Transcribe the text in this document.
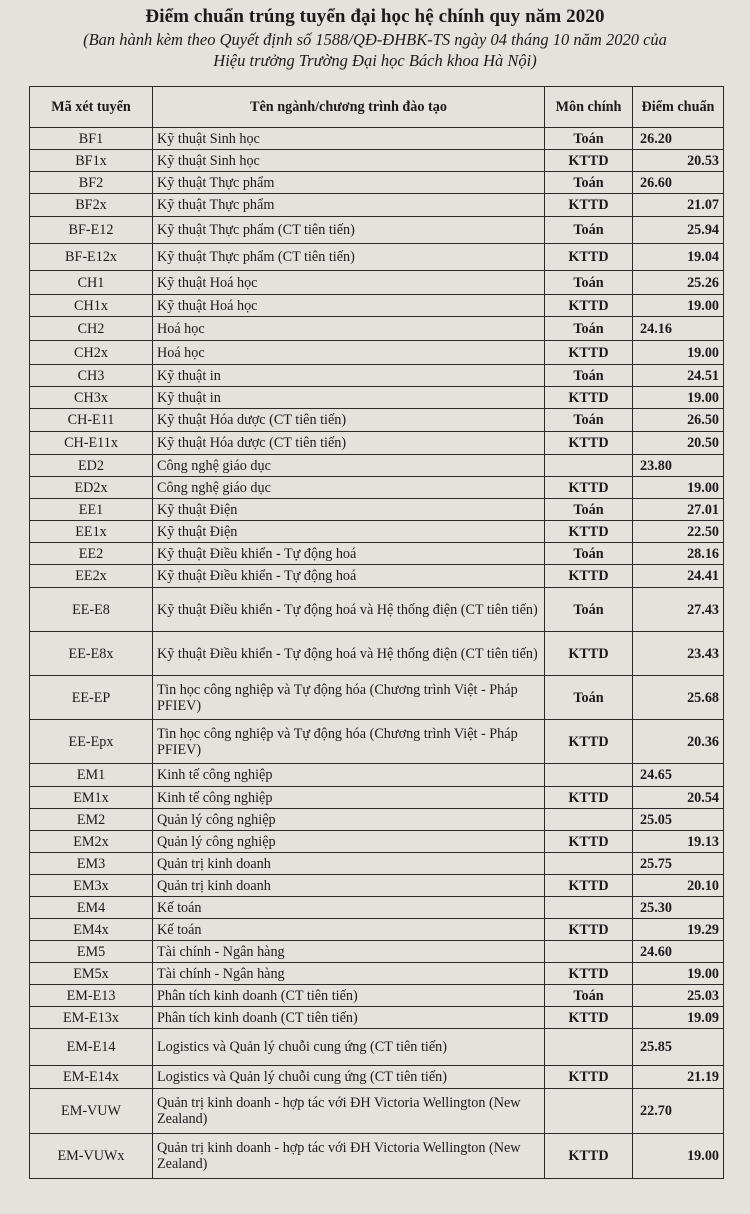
Điểm chuẩn trúng tuyển đại học hệ chính quy năm 2020
(Ban hành kèm theo Quyết định số 1588/QĐ-ĐHBK-TS ngày 04 tháng 10 năm 2020 của
Hiệu trưởng Trường Đại học Bách khoa Hà Nội)
Mã xét tuyển	Tên ngành/chương trình đào tạo	Môn chính	Điểm chuẩn
BF1	Kỹ thuật Sinh học	Toán	26.20
BF1x	Kỹ thuật Sinh học	KTTD	20.53
BF2	Kỹ thuật Thực phẩm	Toán	26.60
BF2x	Kỹ thuật Thực phẩm	KTTD	21.07
BF-E12	Kỹ thuật Thực phẩm (CT tiên tiến)	Toán	25.94
BF-E12x	Kỹ thuật Thực phẩm (CT tiên tiến)	KTTD	19.04
CH1	Kỹ thuật Hoá học	Toán	25.26
CH1x	Kỹ thuật Hoá học	KTTD	19.00
CH2	Hoá học	Toán	24.16
CH2x	Hoá học	KTTD	19.00
CH3	Kỹ thuật in	Toán	24.51
CH3x	Kỹ thuật in	KTTD	19.00
CH-E11	Kỹ thuật Hóa dược (CT tiên tiến)	Toán	26.50
CH-E11x	Kỹ thuật Hóa dược (CT tiên tiến)	KTTD	20.50
ED2	Công nghệ giáo dục		23.80
ED2x	Công nghệ giáo dục	KTTD	19.00
EE1	Kỹ thuật Điện	Toán	27.01
EE1x	Kỹ thuật Điện	KTTD	22.50
EE2	Kỹ thuật Điều khiển - Tự động hoá	Toán	28.16
EE2x	Kỹ thuật Điều khiển - Tự động hoá	KTTD	24.41
EE-E8	Kỹ thuật Điều khiển - Tự động hoá và Hệ thống điện (CT tiên tiến)	Toán	27.43
EE-E8x	Kỹ thuật Điều khiển - Tự động hoá và Hệ thống điện (CT tiên tiến)	KTTD	23.43
EE-EP	Tin học công nghiệp và Tự động hóa (Chương trình Việt - Pháp PFIEV)	Toán	25.68
EE-Epx	Tin học công nghiệp và Tự động hóa (Chương trình Việt - Pháp PFIEV)	KTTD	20.36
EM1	Kinh tế công nghiệp		24.65
EM1x	Kinh tế công nghiệp	KTTD	20.54
EM2	Quản lý công nghiệp		25.05
EM2x	Quản lý công nghiệp	KTTD	19.13
EM3	Quản trị kinh doanh		25.75
EM3x	Quản trị kinh doanh	KTTD	20.10
EM4	Kế toán		25.30
EM4x	Kế toán	KTTD	19.29
EM5	Tài chính - Ngân hàng		24.60
EM5x	Tài chính - Ngân hàng	KTTD	19.00
EM-E13	Phân tích kinh doanh (CT tiên tiến)	Toán	25.03
EM-E13x	Phân tích kinh doanh (CT tiên tiến)	KTTD	19.09
EM-E14	Logistics và Quản lý chuỗi cung ứng (CT tiên tiến)		25.85
EM-E14x	Logistics và Quản lý chuỗi cung ứng (CT tiên tiến)	KTTD	21.19
EM-VUW	Quản trị kinh doanh - hợp tác với ĐH Victoria Wellington (New Zealand)		22.70
EM-VUWx	Quản trị kinh doanh - hợp tác với ĐH Victoria Wellington (New Zealand)	KTTD	19.00
